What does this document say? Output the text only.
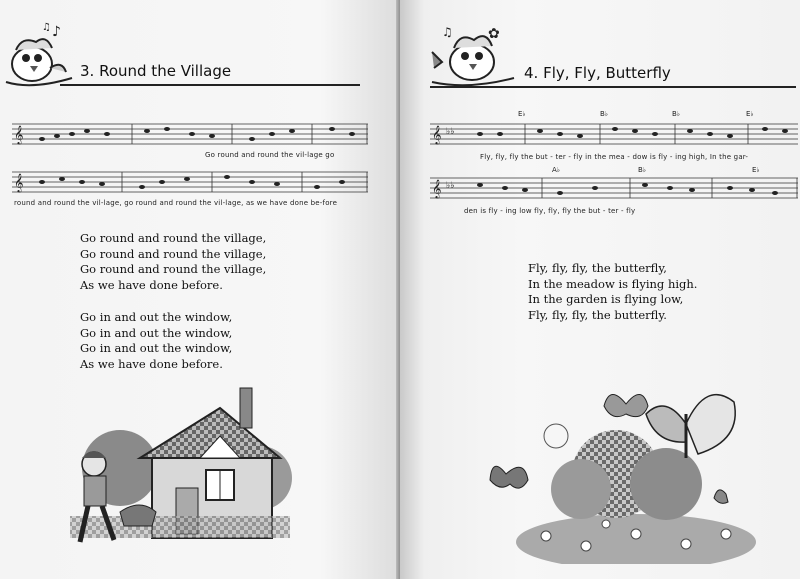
♪
♫
3. Round the Village
𝄞
Go round and round the vil-lage go
𝄞
round and round the vil-lage, go round and round the vil-lage, as we have done be-fore

Go round and round the village,

Go round and round the village,

Go round and round the village,

As we have done before.

Go in and out the window,

Go in and out the window,

Go in and out the window,

As we have done before.

✿
♫
4. Fly, Fly, Butterfly
E♭	B♭	B♭	E♭
𝄞 ♭♭
Fly, fly, fly the but - ter - fly in the mea - dow is fly - ing high, In the gar-
A♭	B♭	E♭
𝄞 ♭♭
den is fly - ing low fly, fly, fly the but - ter - fly

Fly, fly, fly, the butterfly,

In the meadow is flying high.

In the garden is flying low,

Fly, fly, fly, the butterfly.
